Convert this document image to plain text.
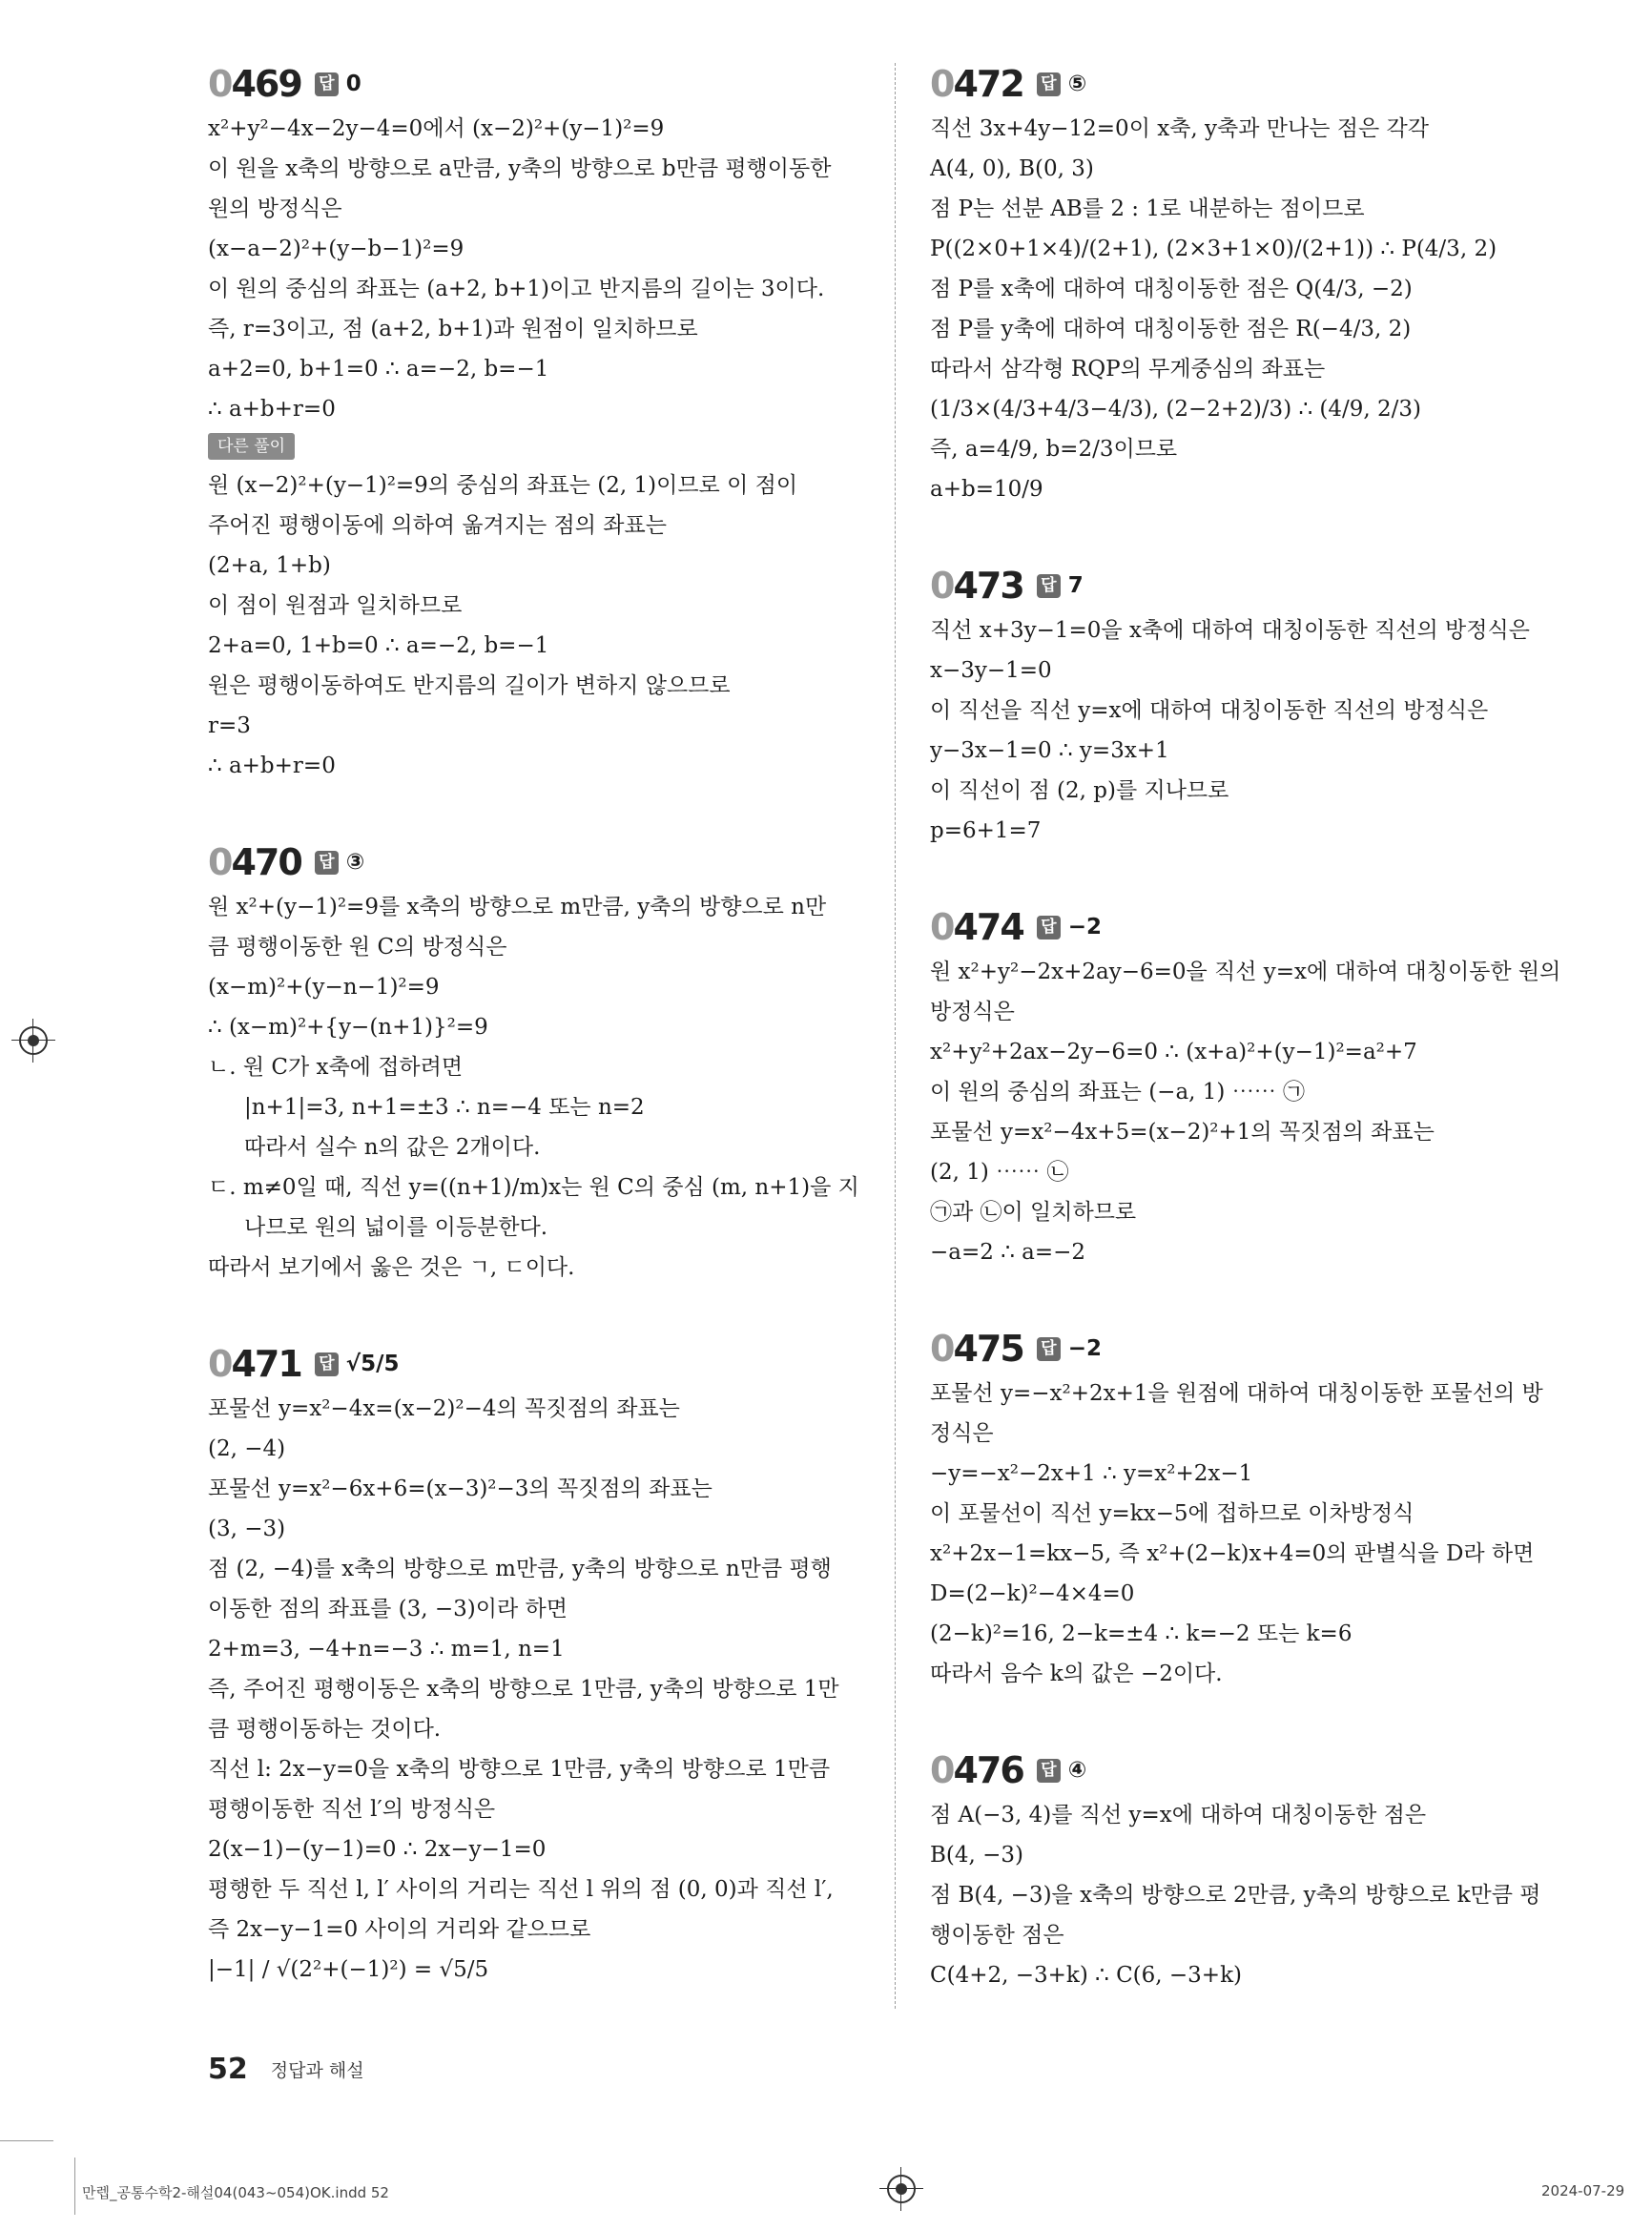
0469 답 0
x²+y²−4x−2y−4=0에서 (x−2)²+(y−1)²=9
이 원을 x축의 방향으로 a만큼, y축의 방향으로 b만큼 평행이동한
원의 방정식은
(x−a−2)²+(y−b−1)²=9
이 원의 중심의 좌표는 (a+2, b+1)이고 반지름의 길이는 3이다.
즉, r=3이고, 점 (a+2, b+1)과 원점이 일치하므로
a+2=0, b+1=0 ∴ a=−2, b=−1
∴ a+b+r=0
다른 풀이
원 (x−2)²+(y−1)²=9의 중심의 좌표는 (2, 1)이므로 이 점이
주어진 평행이동에 의하여 옮겨지는 점의 좌표는
(2+a, 1+b)
이 점이 원점과 일치하므로
2+a=0, 1+b=0 ∴ a=−2, b=−1
원은 평행이동하여도 반지름의 길이가 변하지 않으므로
r=3
∴ a+b+r=0
0470 답 ③
원 x²+(y−1)²=9를 x축의 방향으로 m만큼, y축의 방향으로 n만
큼 평행이동한 원 C의 방정식은
(x−m)²+(y−n−1)²=9
∴ (x−m)²+{y−(n+1)}²=9
ㄴ. 원 C가 x축에 접하려면
|n+1|=3, n+1=±3 ∴ n=−4 또는 n=2
따라서 실수 n의 값은 2개이다.
ㄷ. m≠0일 때, 직선 y=((n+1)/m)x는 원 C의 중심 (m, n+1)을 지
나므로 원의 넓이를 이등분한다.
따라서 보기에서 옳은 것은 ㄱ, ㄷ이다.
0471 답 √5/5
포물선 y=x²−4x=(x−2)²−4의 꼭짓점의 좌표는
(2, −4)
포물선 y=x²−6x+6=(x−3)²−3의 꼭짓점의 좌표는
(3, −3)
점 (2, −4)를 x축의 방향으로 m만큼, y축의 방향으로 n만큼 평행
이동한 점의 좌표를 (3, −3)이라 하면
2+m=3, −4+n=−3 ∴ m=1, n=1
즉, 주어진 평행이동은 x축의 방향으로 1만큼, y축의 방향으로 1만
큼 평행이동하는 것이다.
직선 l: 2x−y=0을 x축의 방향으로 1만큼, y축의 방향으로 1만큼
평행이동한 직선 l′의 방정식은
2(x−1)−(y−1)=0 ∴ 2x−y−1=0
평행한 두 직선 l, l′ 사이의 거리는 직선 l 위의 점 (0, 0)과 직선 l′,
즉 2x−y−1=0 사이의 거리와 같으므로
|−1| / √(2²+(−1)²) = √5/5
0472 답 ⑤
직선 3x+4y−12=0이 x축, y축과 만나는 점은 각각
A(4, 0), B(0, 3)
점 P는 선분 AB를 2 : 1로 내분하는 점이므로
P((2×0+1×4)/(2+1), (2×3+1×0)/(2+1)) ∴ P(4/3, 2)
점 P를 x축에 대하여 대칭이동한 점은 Q(4/3, −2)
점 P를 y축에 대하여 대칭이동한 점은 R(−4/3, 2)
따라서 삼각형 RQP의 무게중심의 좌표는
(1/3×(4/3+4/3−4/3), (2−2+2)/3) ∴ (4/9, 2/3)
즉, a=4/9, b=2/3이므로
a+b=10/9
0473 답 7
직선 x+3y−1=0을 x축에 대하여 대칭이동한 직선의 방정식은
x−3y−1=0
이 직선을 직선 y=x에 대하여 대칭이동한 직선의 방정식은
y−3x−1=0 ∴ y=3x+1
이 직선이 점 (2, p)를 지나므로
p=6+1=7
0474 답 −2
원 x²+y²−2x+2ay−6=0을 직선 y=x에 대하여 대칭이동한 원의
방정식은
x²+y²+2ax−2y−6=0 ∴ (x+a)²+(y−1)²=a²+7
이 원의 중심의 좌표는 (−a, 1) ⋯⋯ ㉠
포물선 y=x²−4x+5=(x−2)²+1의 꼭짓점의 좌표는
(2, 1) ⋯⋯ ㉡
㉠과 ㉡이 일치하므로
−a=2 ∴ a=−2
0475 답 −2
포물선 y=−x²+2x+1을 원점에 대하여 대칭이동한 포물선의 방
정식은
−y=−x²−2x+1 ∴ y=x²+2x−1
이 포물선이 직선 y=kx−5에 접하므로 이차방정식
x²+2x−1=kx−5, 즉 x²+(2−k)x+4=0의 판별식을 D라 하면
D=(2−k)²−4×4=0
(2−k)²=16, 2−k=±4 ∴ k=−2 또는 k=6
따라서 음수 k의 값은 −2이다.
0476 답 ④
점 A(−3, 4)를 직선 y=x에 대하여 대칭이동한 점은
B(4, −3)
점 B(4, −3)을 x축의 방향으로 2만큼, y축의 방향으로 k만큼 평
행이동한 점은
C(4+2, −3+k) ∴ C(6, −3+k)
52 정답과 해설
만렙_공통수학2-해설04(043~054)OK.indd 52	2024-07-29
